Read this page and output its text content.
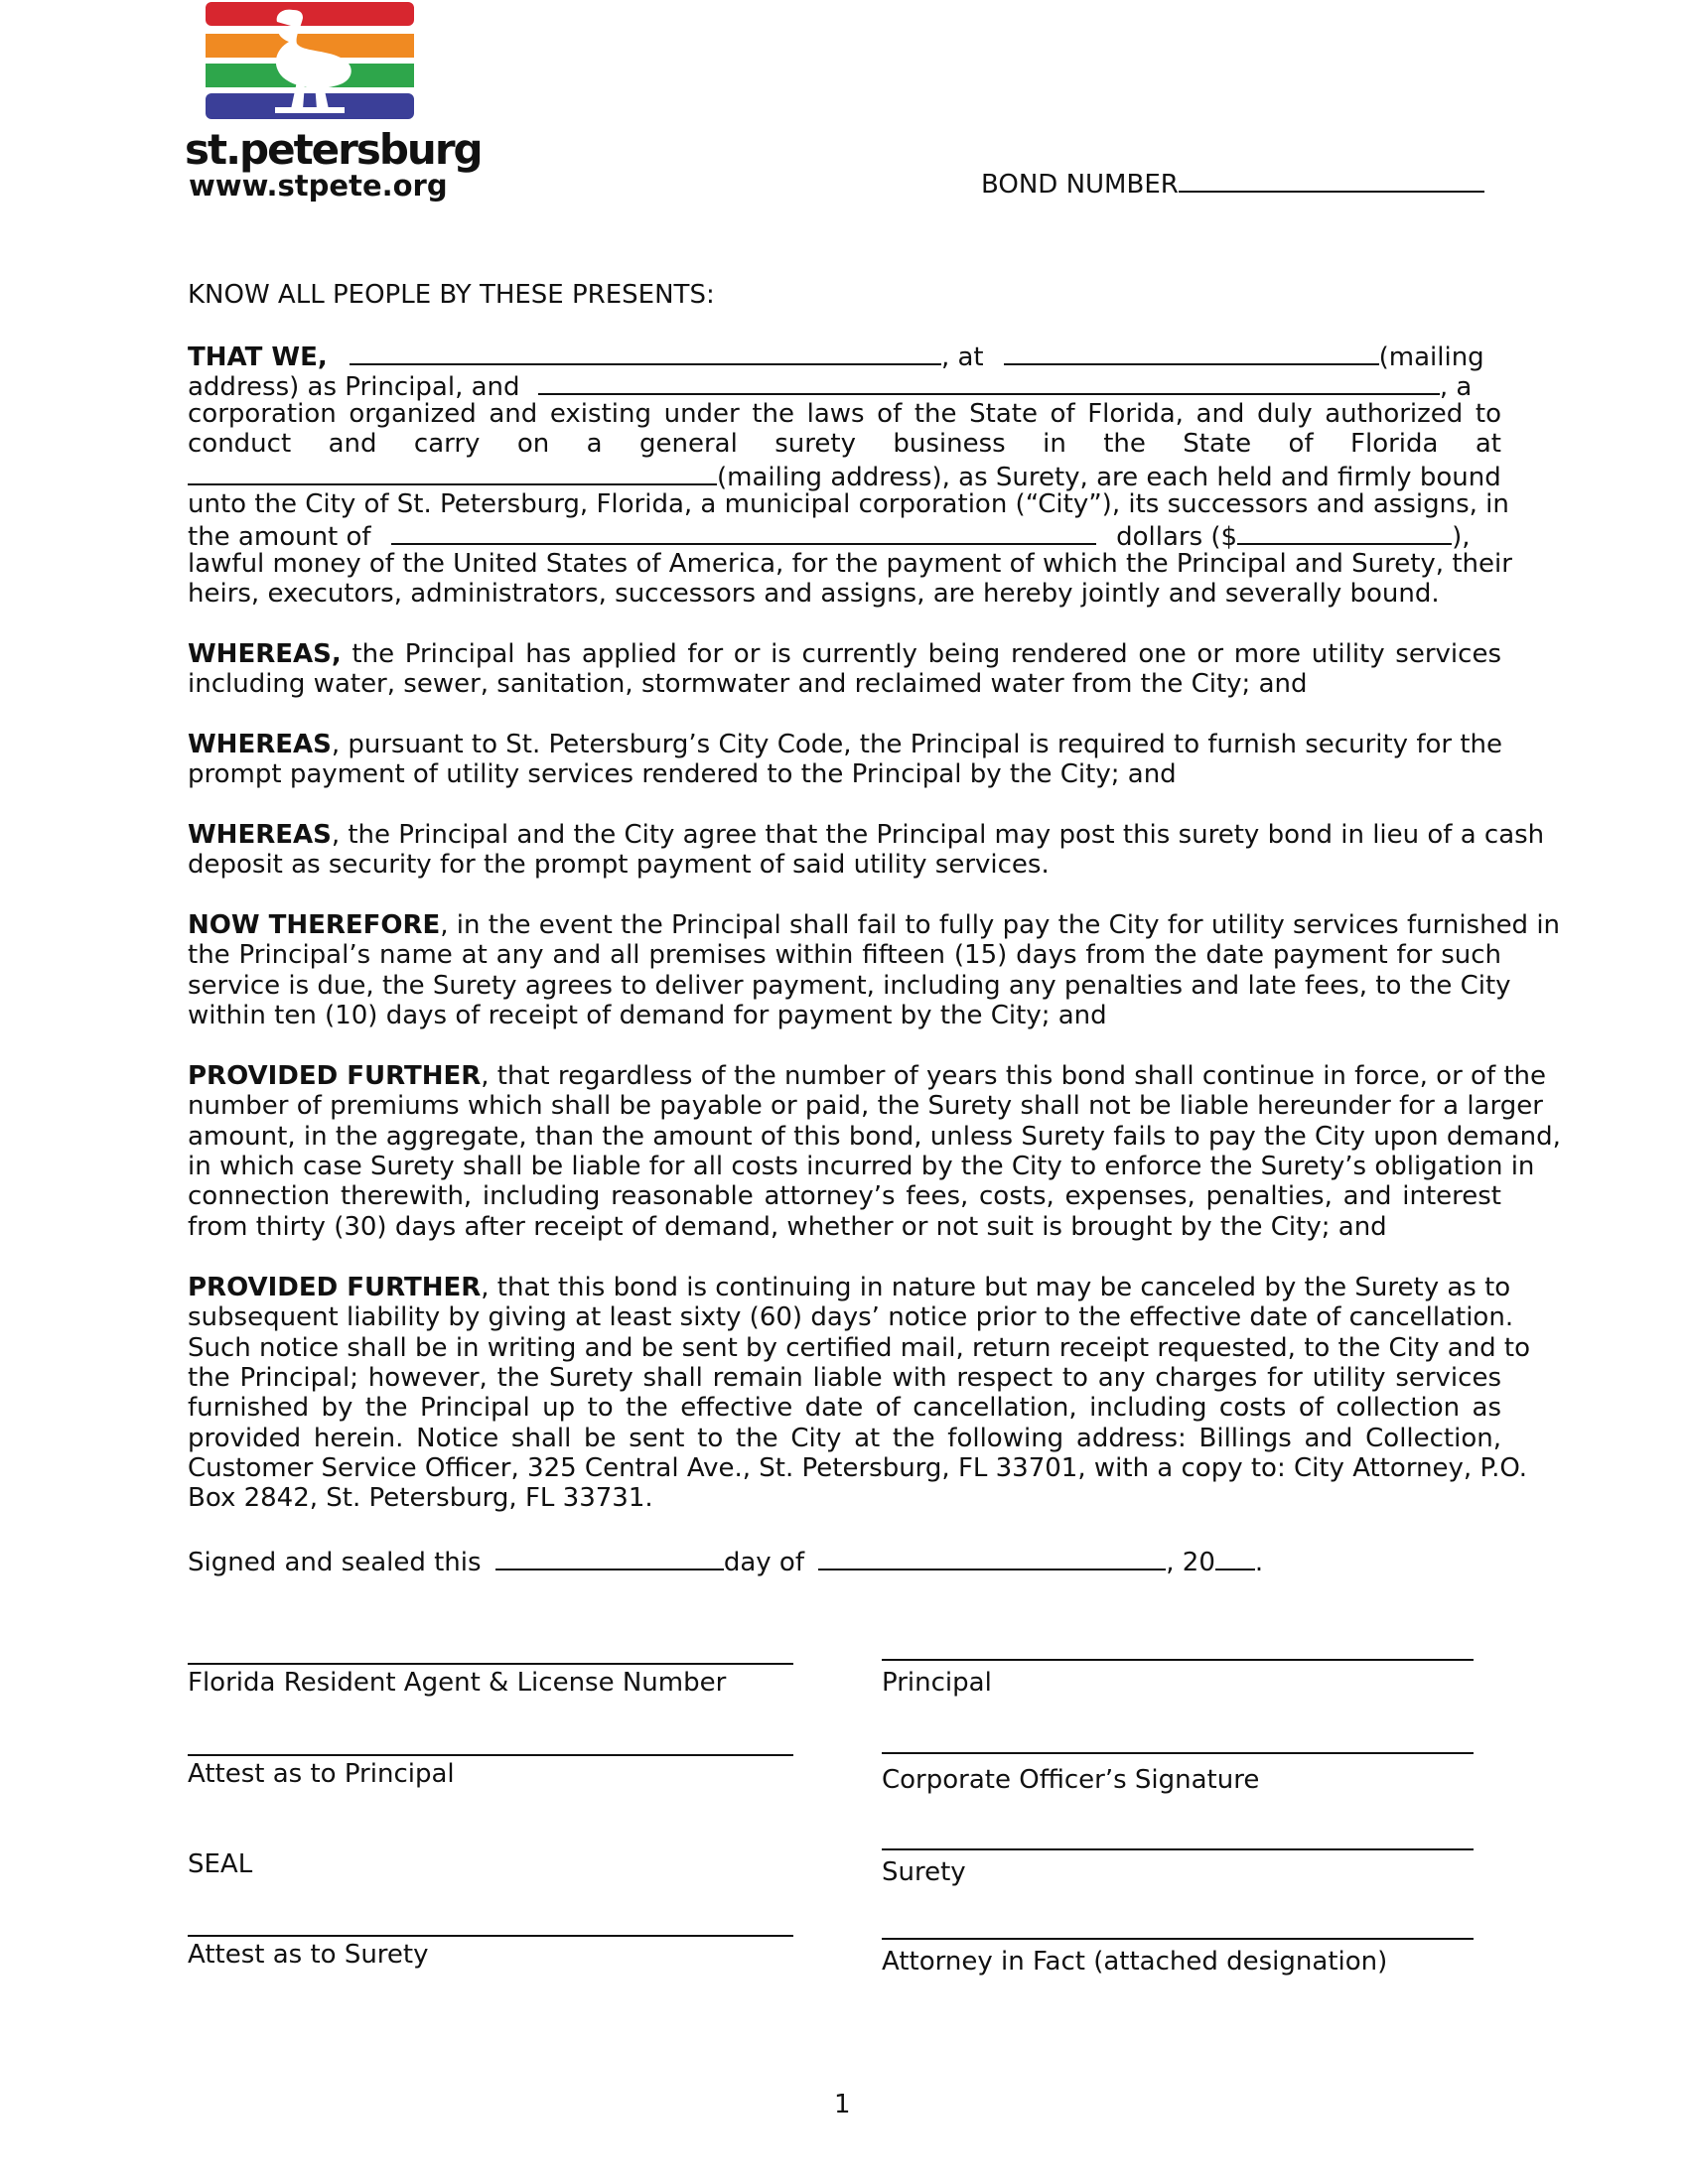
st.petersburg
www.stpete.org	BOND NUMBER
KNOW ALL PEOPLE BY THESE PRESENTS:
THAT WE,	, at	(mailing
address) as Principal, and	, a
corporation organized and existing under the laws of the State of Florida, and duly authorized to
conduct and carry on a general surety business in the State of Florida at
(mailing address), as Surety, are each held and firmly bound
unto the City of St. Petersburg, Florida, a municipal corporation (“City”), its successors and assigns, in
the amount of	dollars ($	),
lawful money of the United States of America, for the payment of which the Principal and Surety, their
heirs, executors, administrators, successors and assigns, are hereby jointly and severally bound.
WHEREAS, the Principal has applied for or is currently being rendered one or more utility services
including water, sewer, sanitation, stormwater and reclaimed water from the City; and
WHEREAS, pursuant to St. Petersburg’s City Code, the Principal is required to furnish security for the
prompt payment of utility services rendered to the Principal by the City; and
WHEREAS, the Principal and the City agree that the Principal may post this surety bond in lieu of a cash
deposit as security for the prompt payment of said utility services.
NOW THEREFORE, in the event the Principal shall fail to fully pay the City for utility services furnished in
the Principal’s name at any and all premises within fifteen (15) days from the date payment for such
service is due, the Surety agrees to deliver payment, including any penalties and late fees, to the City
within ten (10) days of receipt of demand for payment by the City; and
PROVIDED FURTHER, that regardless of the number of years this bond shall continue in force, or of the
number of premiums which shall be payable or paid, the Surety shall not be liable hereunder for a larger
amount, in the aggregate, than the amount of this bond, unless Surety fails to pay the City upon demand,
in which case Surety shall be liable for all costs incurred by the City to enforce the Surety’s obligation in
connection therewith, including reasonable attorney’s fees, costs, expenses, penalties, and interest
from thirty (30) days after receipt of demand, whether or not suit is brought by the City; and
PROVIDED FURTHER, that this bond is continuing in nature but may be canceled by the Surety as to
subsequent liability by giving at least sixty (60) days’ notice prior to the effective date of cancellation.
Such notice shall be in writing and be sent by certified mail, return receipt requested, to the City and to
the Principal; however, the Surety shall remain liable with respect to any charges for utility services
furnished by the Principal up to the effective date of cancellation, including costs of collection as
provided herein. Notice shall be sent to the City at the following address: Billings and Collection,
Customer Service Officer, 325 Central Ave., St. Petersburg, FL 33701, with a copy to: City Attorney, P.O.
Box 2842, St. Petersburg, FL 33731.
Signed and sealed this	day of	, 20 .
Florida Resident Agent & License Number
Attest as to Principal
SEAL
Attest as to Surety
Principal
Corporate Officer’s Signature
Surety
Attorney in Fact (attached designation)
1
